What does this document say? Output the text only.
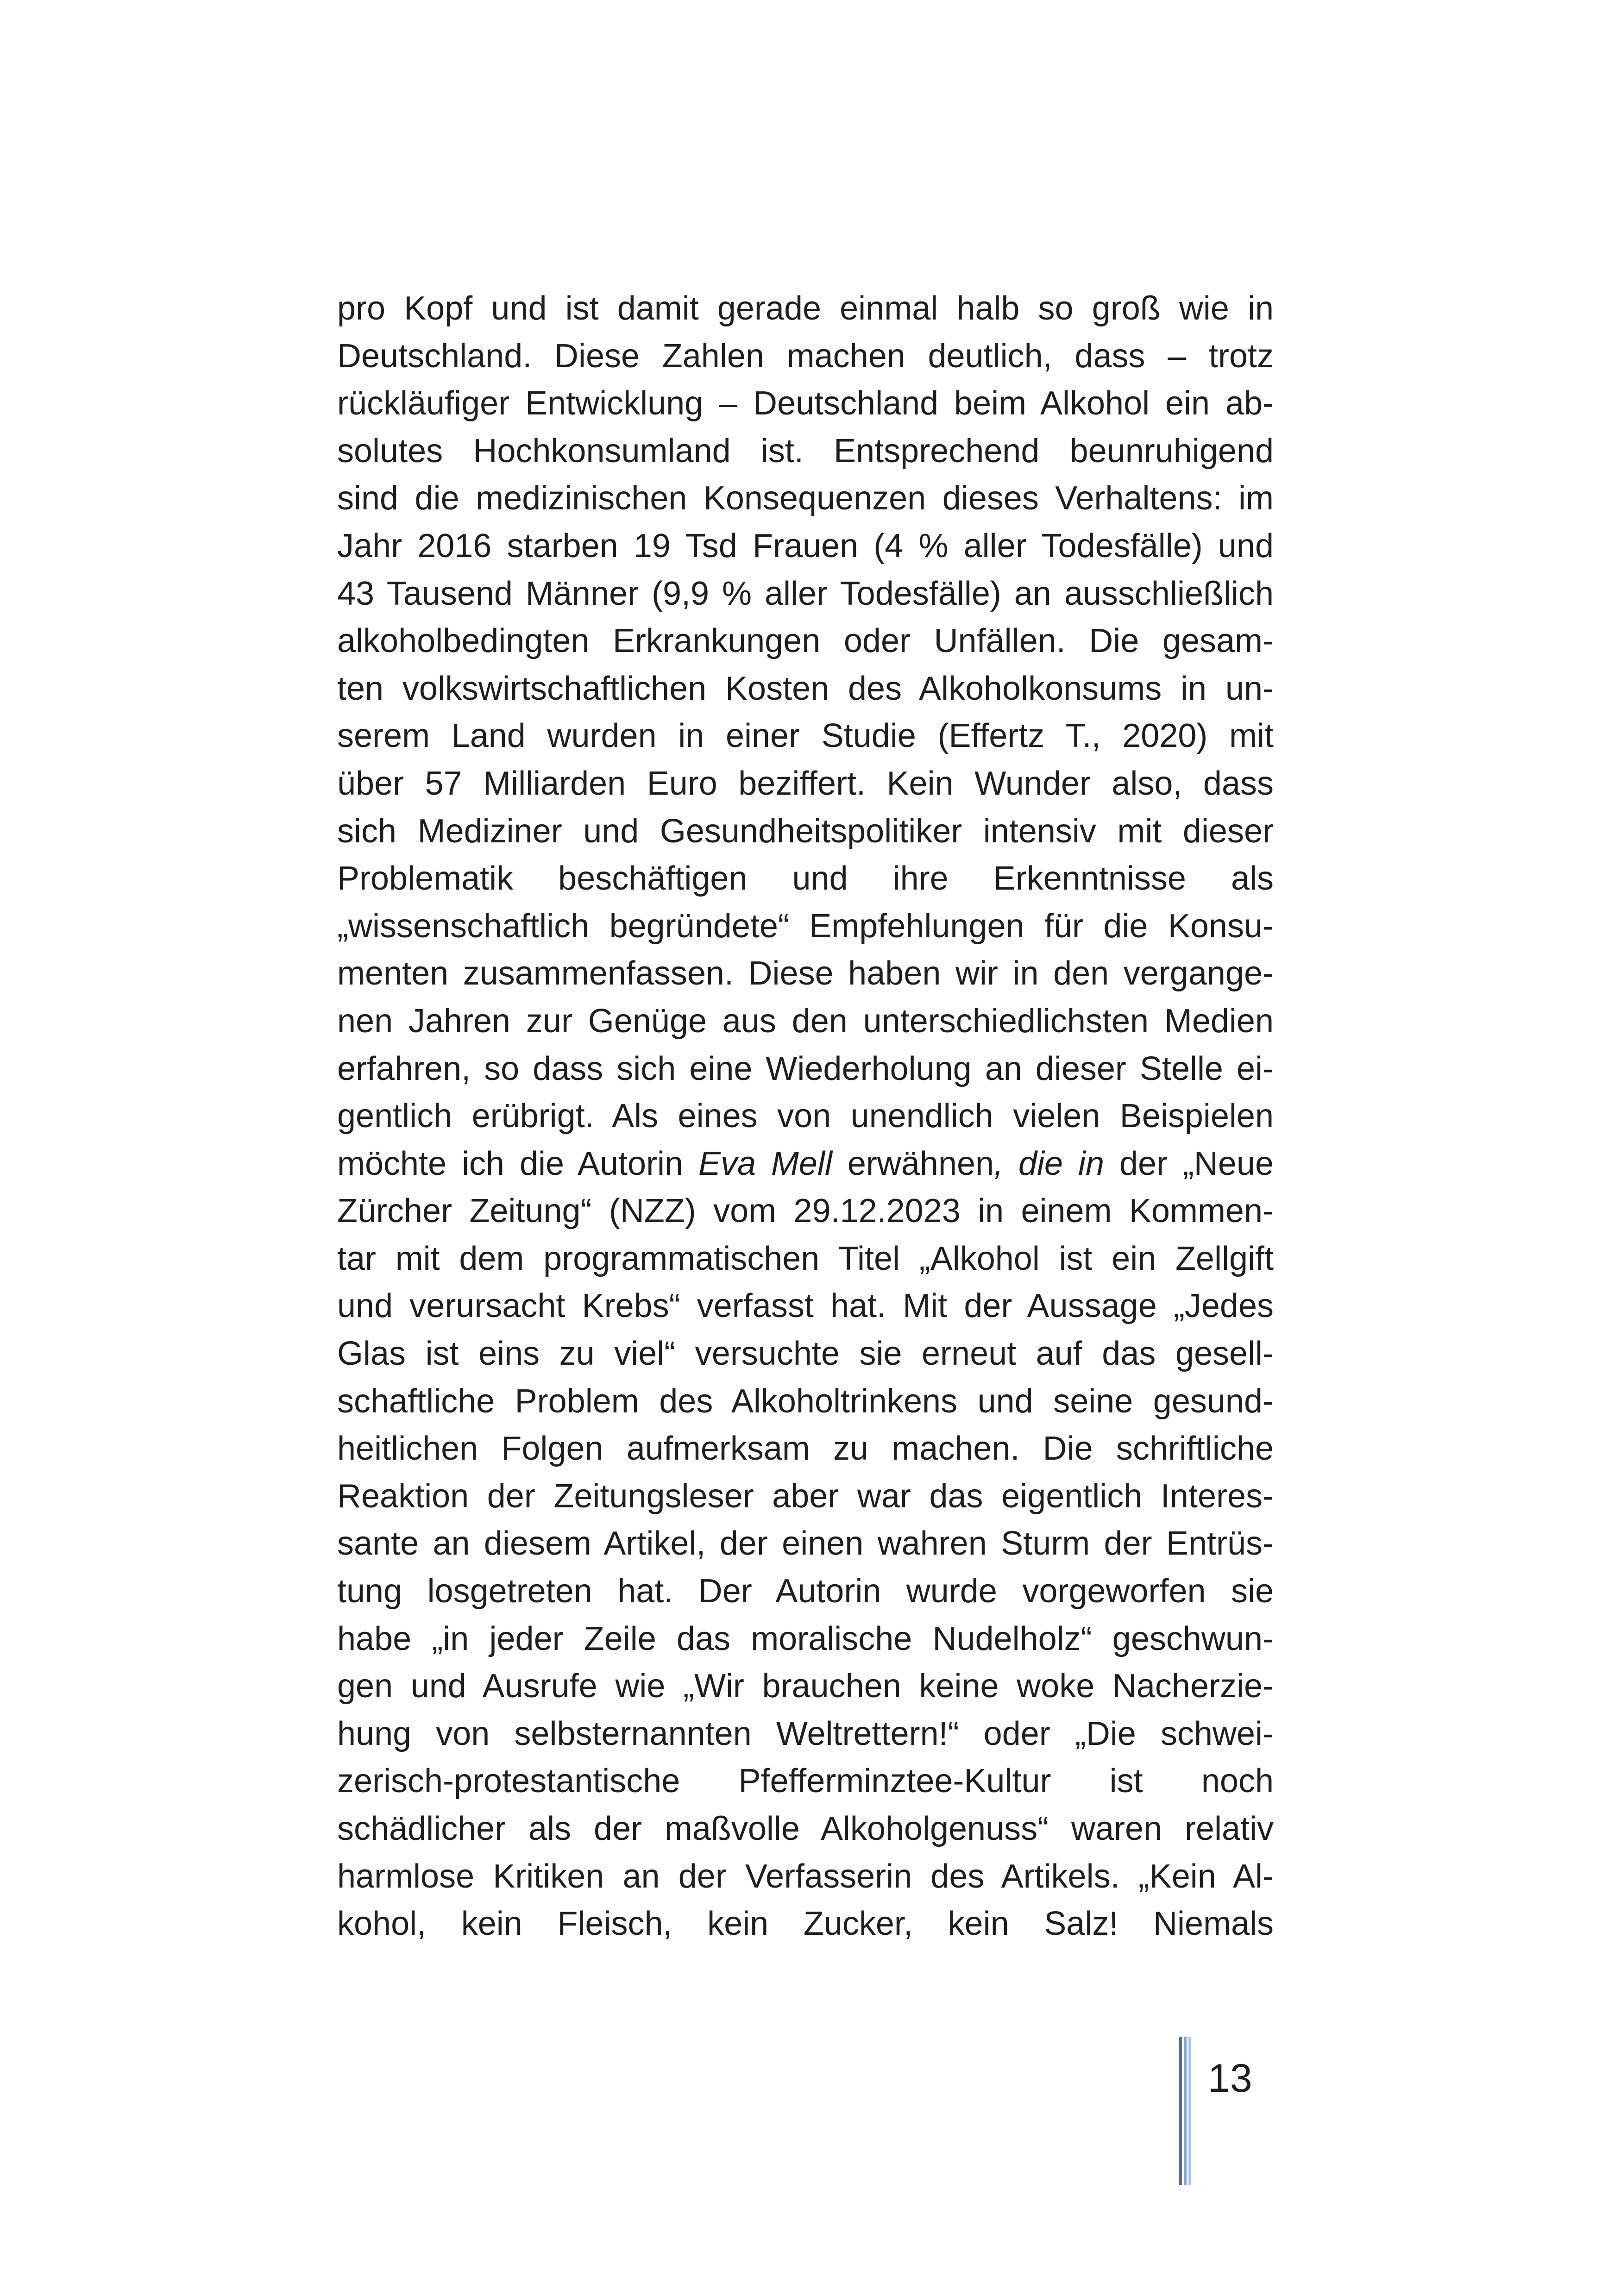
pro Kopf und ist damit gerade einmal halb so groß wie in
Deutschland. Diese Zahlen machen deutlich, dass – trotz
rückläufiger Entwicklung – Deutschland beim Alkohol ein ab-
solutes Hochkonsumland ist. Entsprechend beunruhigend
sind die medizinischen Konsequenzen dieses Verhaltens: im
Jahr 2016 starben 19 Tsd Frauen (4 % aller Todesfälle) und
43 Tausend Männer (9,9 % aller Todesfälle) an ausschließlich
alkoholbedingten Erkrankungen oder Unfällen. Die gesam-
ten volkswirtschaftlichen Kosten des Alkoholkonsums in un-
serem Land wurden in einer Studie (Effertz T., 2020) mit
über 57 Milliarden Euro beziffert. Kein Wunder also, dass
sich Mediziner und Gesundheitspolitiker intensiv mit dieser
Problematik beschäftigen und ihre Erkenntnisse als
„wissenschaftlich begründete“ Empfehlungen für die Konsu-
menten zusammenfassen. Diese haben wir in den vergange-
nen Jahren zur Genüge aus den unterschiedlichsten Medien
erfahren, so dass sich eine Wiederholung an dieser Stelle ei-
gentlich erübrigt. Als eines von unendlich vielen Beispielen
möchte ich die Autorin Eva Mell erwähnen, die in der „Neue
Zürcher Zeitung“ (NZZ) vom 29.12.2023 in einem Kommen-
tar mit dem programmatischen Titel „Alkohol ist ein Zellgift
und verursacht Krebs“ verfasst hat. Mit der Aussage „Jedes
Glas ist eins zu viel“ versuchte sie erneut auf das gesell-
schaftliche Problem des Alkoholtrinkens und seine gesund-
heitlichen Folgen aufmerksam zu machen. Die schriftliche
Reaktion der Zeitungsleser aber war das eigentlich Interes-
sante an diesem Artikel, der einen wahren Sturm der Entrüs-
tung losgetreten hat. Der Autorin wurde vorgeworfen sie
habe „in jeder Zeile das moralische Nudelholz“ geschwun-
gen und Ausrufe wie „Wir brauchen keine woke Nacherzie-
hung von selbsternannten Weltrettern!“ oder „Die schwei-
zerisch-protestantische Pfefferminztee-Kultur ist noch
schädlicher als der maßvolle Alkoholgenuss“ waren relativ
harmlose Kritiken an der Verfasserin des Artikels. „Kein Al-
kohol, kein Fleisch, kein Zucker, kein Salz! Niemals
13
